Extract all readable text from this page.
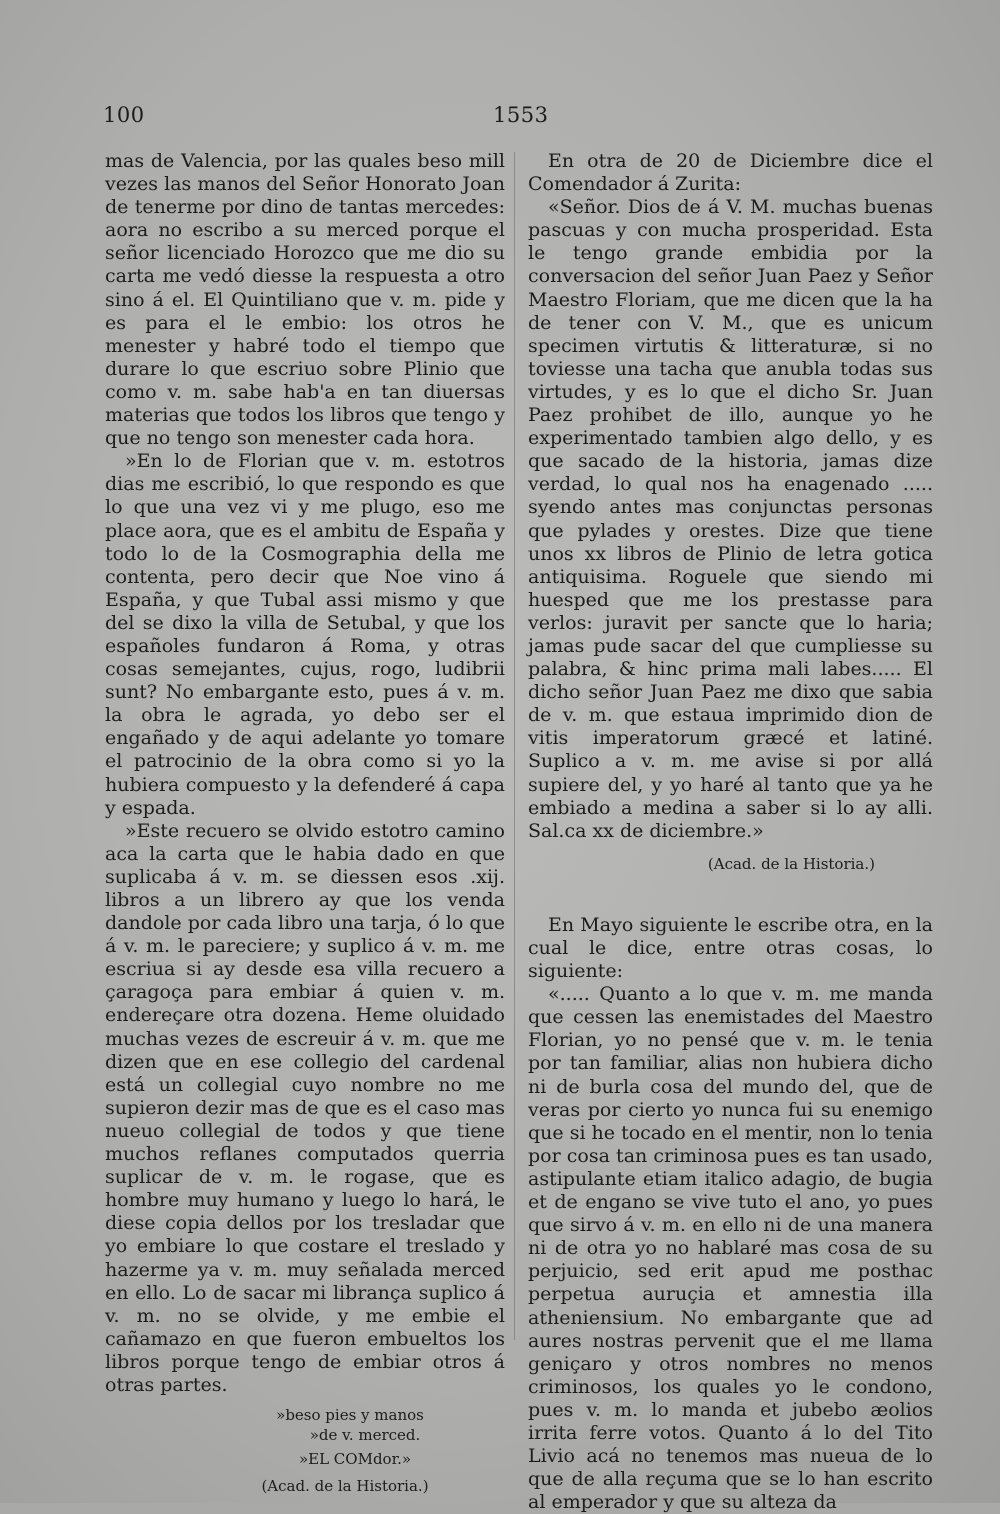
100	1553

mas de Valencia, por las quales beso mill vezes las manos del Señor Honorato Joan de tenerme por dino de tantas mercedes: aora no escribo a su merced porque el señor licenciado Horozco que me dio su carta me vedó diesse la respuesta a otro sino á el. El Quintiliano que v. m. pide y es para el le embio: los otros he menester y habré todo el tiempo que durare lo que escriuo sobre Plinio que como v. m. sabe hab'a en tan diuersas materias que todos los libros que tengo y que no tengo son menester cada hora.

»En lo de Florian que v. m. estotros dias me escribió, lo que respondo es que lo que una vez vi y me plugo, eso me place aora, que es el ambitu de España y todo lo de la Cosmographia della me contenta, pero decir que Noe vino á España, y que Tubal assi mismo y que del se dixo la villa de Setubal, y que los españoles fundaron á Roma, y otras cosas semejantes, cujus, rogo, ludibrii sunt? No embargante esto, pues á v. m. la obra le agrada, yo debo ser el engañado y de aqui adelante yo tomare el patrocinio de la obra como si yo la hubiera compuesto y la defenderé á capa y espada.

»Este recuero se olvido estotro camino aca la carta que le habia dado en que suplicaba á v. m. se diessen esos .xij. libros a un librero ay que los venda dandole por cada libro una tarja, ó lo que á v. m. le pareciere; y suplico á v. m. me escriua si ay desde esa villa recuero a çaragoça para embiar á quien v. m. endereçare otra dozena. Heme oluidado muchas vezes de escreuir á v. m. que me dizen que en ese collegio del cardenal está un collegial cuyo nombre no me supieron dezir mas de que es el caso mas nueuo collegial de todos y que tiene muchos reflanes computados querria suplicar de v. m. le rogase, que es hombre muy humano y luego lo hará, le diese copia dellos por los tresladar que yo embiare lo que costare el treslado y hazerme ya v. m. muy señalada merced en ello. Lo de sacar mi librança suplico á v. m. no se olvide, y me embie el cañamazo en que fueron embueltos los libros porque tengo de embiar otros á otras partes.

»beso pies y manos
»de v. merced.
»EL COMdor.»
(Acad. de la Historia.)

En otra de 20 de Diciembre dice el Comendador á Zurita:

«Señor. Dios de á V. M. muchas buenas pascuas y con mucha prosperidad. Esta le tengo grande embidia por la conversacion del señor Juan Paez y Señor Maestro Floriam, que me dicen que la ha de tener con V. M., que es unicum specimen virtutis & litteraturæ, si no toviesse una tacha que anubla todas sus virtudes, y es lo que el dicho Sr. Juan Paez prohibet de illo, aunque yo he experimentado tambien algo dello, y es que sacado de la historia, jamas dize verdad, lo qual nos ha enagenado ..... syendo antes mas conjunctas personas que pylades y orestes. Dize que tiene unos xx libros de Plinio de letra gotica antiquisima. Roguele que siendo mi huesped que me los prestasse para verlos: juravit per sancte que lo haria; jamas pude sacar del que cumpliesse su palabra, & hinc prima mali labes..... El dicho señor Juan Paez me dixo que sabia de v. m. que estaua imprimido dion de vitis imperatorum græcé et latiné. Suplico a v. m. me avise si por allá supiere del, y yo haré al tanto que ya he embiado a medina a saber si lo ay alli. Sal.ca xx de diciembre.»

(Acad. de la Historia.)

En Mayo siguiente le escribe otra, en la cual le dice, entre otras cosas, lo siguiente:

«..... Quanto a lo que v. m. me manda que cessen las enemistades del Maestro Florian, yo no pensé que v. m. le tenia por tan familiar, alias non hubiera dicho ni de burla cosa del mundo del, que de veras por cierto yo nunca fui su enemigo que si he tocado en el mentir, non lo tenia por cosa tan criminosa pues es tan usado, astipulante etiam italico adagio, de bugia et de engano se vive tuto el ano, yo pues que sirvo á v. m. en ello ni de una manera ni de otra yo no hablaré mas cosa de su perjuicio, sed erit apud me posthac perpetua auruçia et amnestia illa atheniensium. No embargante que ad aures nostras pervenit que el me llama geniçaro y otros nombres no menos criminosos, los quales yo le condono, pues v. m. lo manda et jubebo æolios irrita ferre votos. Quanto á lo del Tito Livio acá no tenemos mas nueua de lo que de alla reçuma que se lo han escrito al emperador y que su alteza da
